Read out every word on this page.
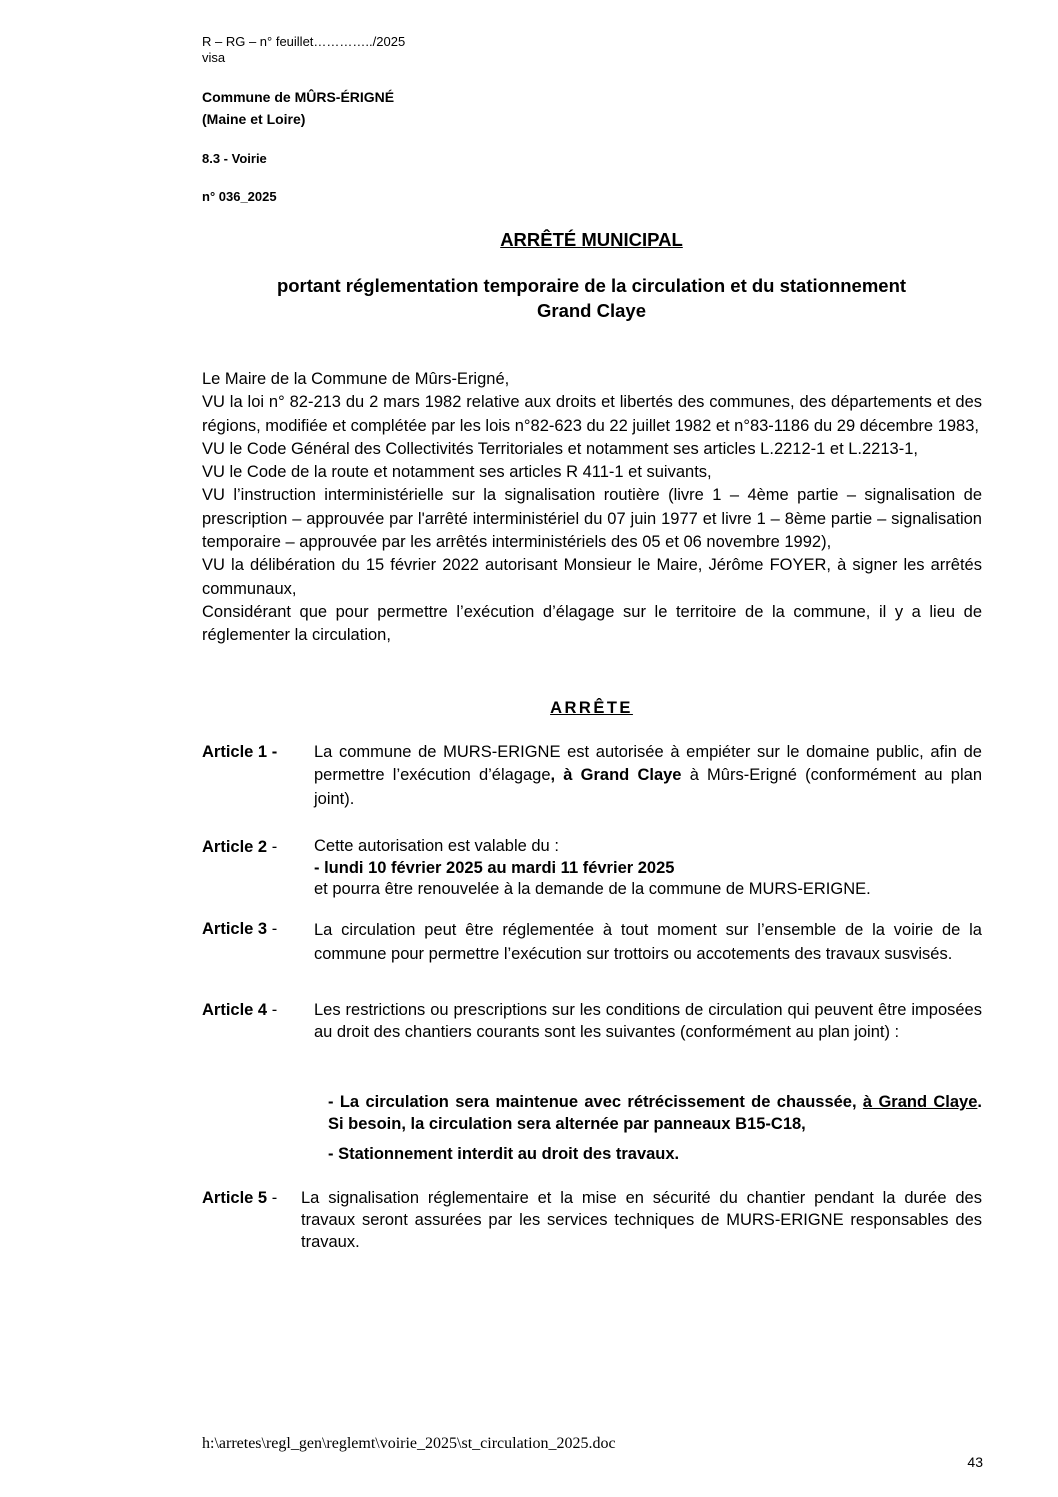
R – RG – n° feuillet…………../2025
visa
Commune de MÛRS-ÉRIGNÉ
(Maine et Loire)
8.3 - Voirie
n° 036_2025
ARRÊTÉ MUNICIPAL
portant réglementation temporaire de la circulation et du stationnement
Grand Claye
Le Maire de la Commune de Mûrs-Erigné,
VU la loi n° 82-213 du 2 mars 1982 relative aux droits et libertés des communes, des départements et des régions, modifiée et complétée par les lois n°82-623 du 22 juillet 1982 et n°83-1186 du 29 décembre 1983,
VU le Code Général des Collectivités Territoriales et notamment ses articles L.2212-1 et L.2213-1,
VU le Code de la route et notamment ses articles R 411-1 et suivants,
VU l’instruction interministérielle sur la signalisation routière (livre 1 – 4ème partie – signalisation de prescription – approuvée par l'arrêté interministériel du 07 juin 1977 et livre 1 – 8ème partie – signalisation temporaire – approuvée par les arrêtés interministériels des 05 et 06 novembre 1992),
VU la délibération du 15 février 2022 autorisant Monsieur le Maire, Jérôme FOYER, à signer les arrêtés communaux,
Considérant que pour permettre l’exécution d’élagage sur le territoire de la commune, il y a lieu de réglementer la circulation,
ARRÊTE
Article 1 - La commune de MURS-ERIGNE est autorisée à empiéter sur le domaine public, afin de permettre l’exécution d’élagage, à Grand Claye à Mûrs-Erigné (conformément au plan joint).
Article 2 - Cette autorisation est valable du :
- lundi 10 février 2025 au mardi 11 février 2025
et pourra être renouvelée à la demande de la commune de MURS-ERIGNE.
Article 3 - La circulation peut être réglementée à tout moment sur l’ensemble de la voirie de la commune pour permettre l’exécution sur trottoirs ou accotements des travaux susvisés.
Article 4 - Les restrictions ou prescriptions sur les conditions de circulation qui peuvent être imposées au droit des chantiers courants sont les suivantes (conformément au plan joint) :
- La circulation sera maintenue avec rétrécissement de chaussée, à Grand Claye. Si besoin, la circulation sera alternée par panneaux B15-C18,
- Stationnement interdit au droit des travaux.
Article 5 - La signalisation réglementaire et la mise en sécurité du chantier pendant la durée des travaux seront assurées par les services techniques de MURS-ERIGNE responsables des travaux.
h:\arretes\regl_gen\reglemt\voirie_2025\st_circulation_2025.doc
43
